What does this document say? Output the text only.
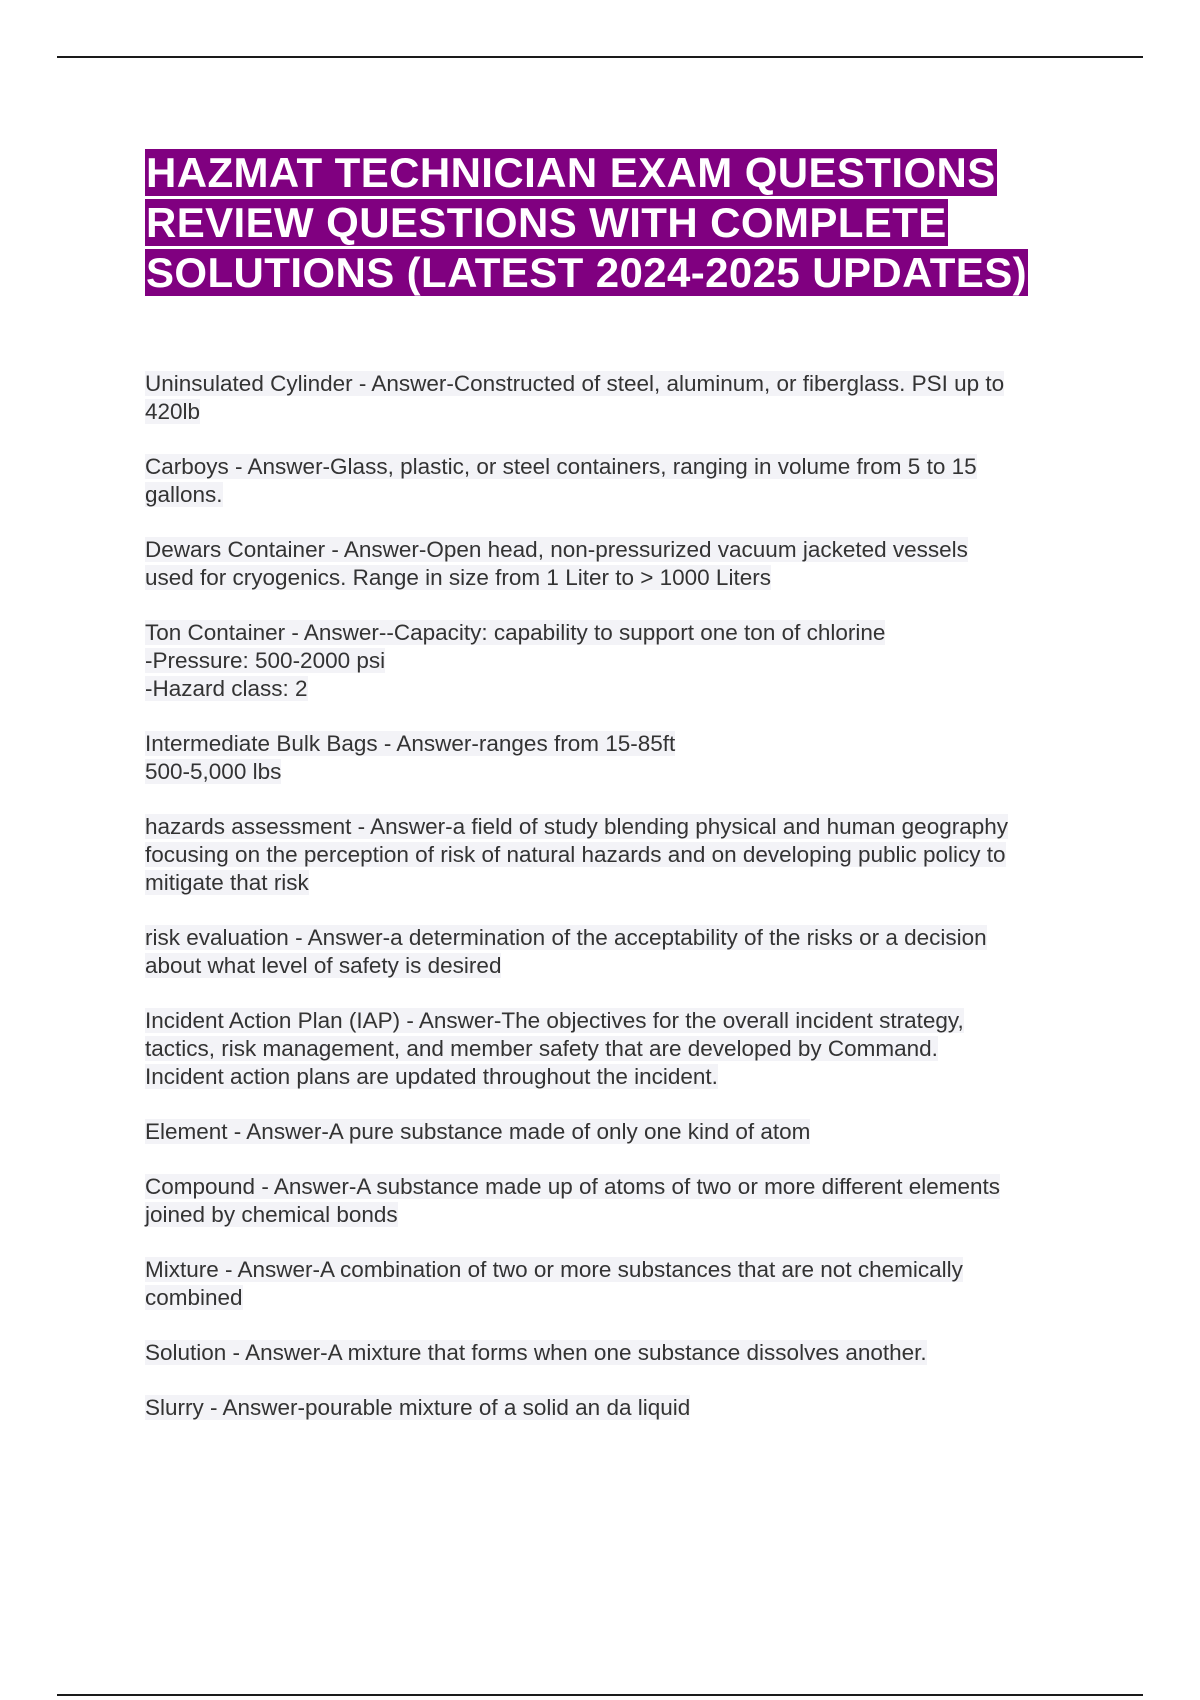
HAZMAT TECHNICIAN EXAM QUESTIONS
REVIEW QUESTIONS WITH COMPLETE
SOLUTIONS (LATEST 2024-2025 UPDATES)

Uninsulated Cylinder - Answer-Constructed of steel, aluminum, or fiberglass. PSI up to
420lb

Carboys - Answer-Glass, plastic, or steel containers, ranging in volume from 5 to 15
gallons.

Dewars Container - Answer-Open head, non-pressurized vacuum jacketed vessels
used for cryogenics. Range in size from 1 Liter to > 1000 Liters

Ton Container - Answer--Capacity: capability to support one ton of chlorine
-Pressure: 500-2000 psi
-Hazard class: 2

Intermediate Bulk Bags - Answer-ranges from 15-85ft
500-5,000 lbs

hazards assessment - Answer-a field of study blending physical and human geography
focusing on the perception of risk of natural hazards and on developing public policy to
mitigate that risk

risk evaluation - Answer-a determination of the acceptability of the risks or a decision
about what level of safety is desired

Incident Action Plan (IAP) - Answer-The objectives for the overall incident strategy,
tactics, risk management, and member safety that are developed by Command.
Incident action plans are updated throughout the incident.

Element - Answer-A pure substance made of only one kind of atom

Compound - Answer-A substance made up of atoms of two or more different elements
joined by chemical bonds

Mixture - Answer-A combination of two or more substances that are not chemically
combined

Solution - Answer-A mixture that forms when one substance dissolves another.

Slurry - Answer-pourable mixture of a solid an da liquid
